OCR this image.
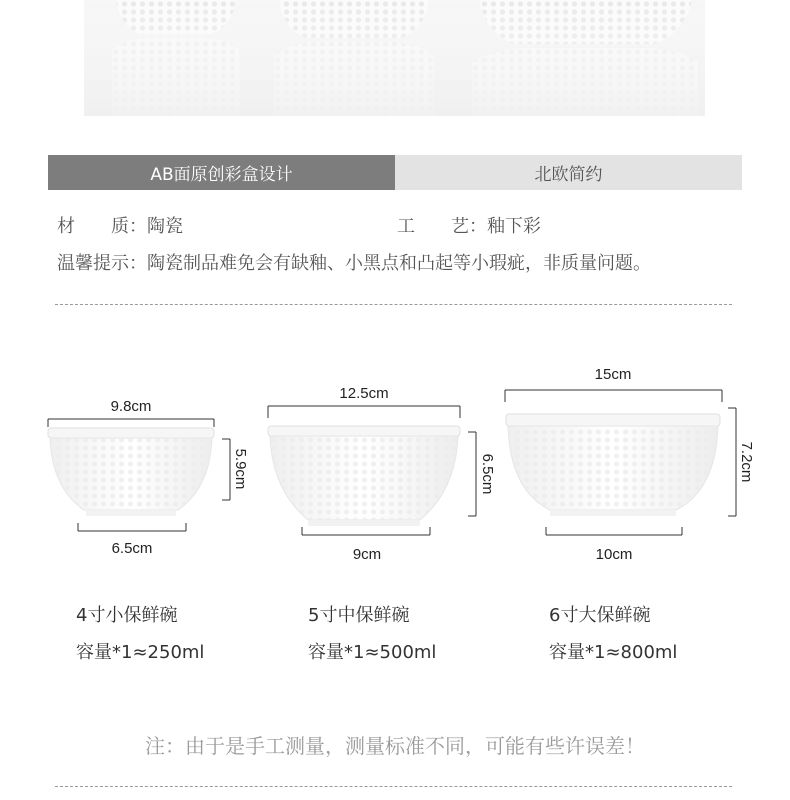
AB面原创彩盒设计	北欧简约
材　　质：陶瓷	工　　艺：釉下彩
温馨提示：陶瓷制品难免会有缺釉、小黑点和凸起等小瑕疵，非质量问题。
9.8cm
5.9cm
6.5cm
12.5cm
6.5cm
9cm
15cm
7.2cm
10cm
4寸小保鲜碗
容量*1≈250ml
5寸中保鲜碗
容量*1≈500ml
6寸大保鲜碗
容量*1≈800ml
注：由于是手工测量，测量标准不同，可能有些许误差！
